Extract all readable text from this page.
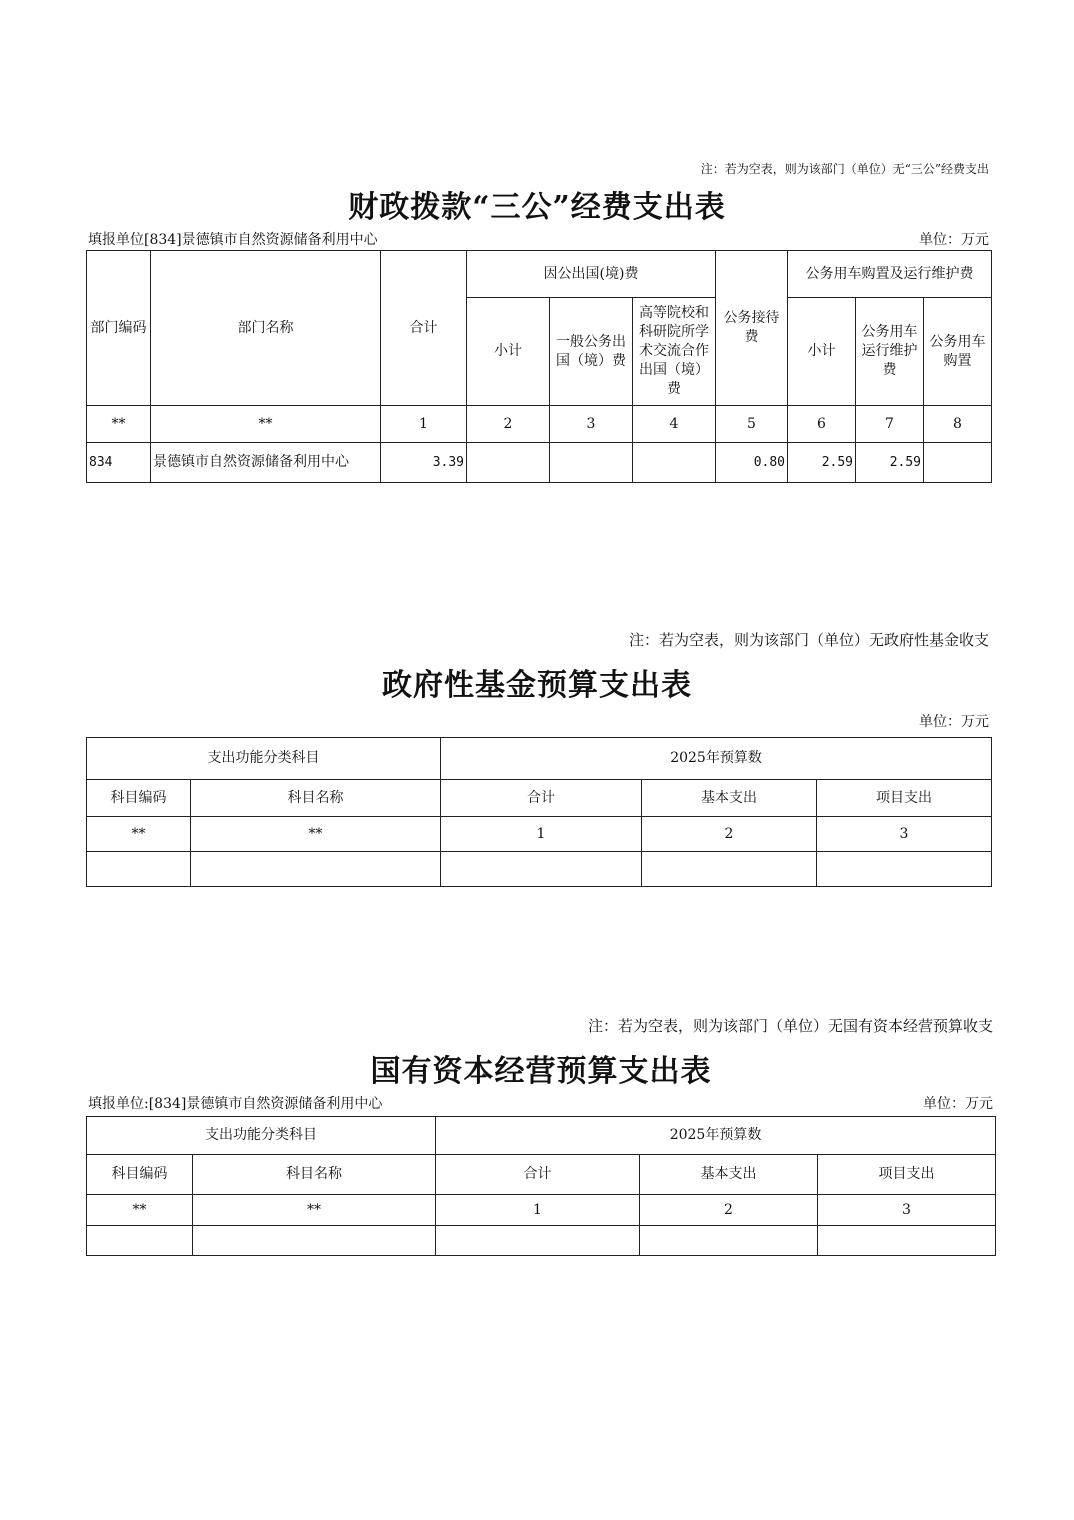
注：若为空表，则为该部门（单位）无“三公”经费支出
财政拨款“三公”经费支出表
填报单位[834]景德镇市自然资源储备利用中心	单位：万元
部门编码	部门名称	合计	因公出国(境)费			公务接待费	公务用车购置及运行维护费		
			小计	一般公务出国（境）费	高等院校和科研院所学术交流合作出国（境）费		小计	公务用车运行维护费	公务用车购置
**	**	1	2	3	4	5	6	7	8
834	景德镇市自然资源储备利用中心	3.39				0.80	2.59	2.59	
注：若为空表，则为该部门（单位）无政府性基金收支
政府性基金预算支出表
单位：万元
支出功能分类科目		2025年预算数		
科目编码	科目名称	合计	基本支出	项目支出
**	**	1	2	3

注：若为空表，则为该部门（单位）无国有资本经营预算收支
国有资本经营预算支出表
填报单位:[834]景德镇市自然资源储备利用中心	单位：万元
支出功能分类科目		2025年预算数		
科目编码	科目名称	合计	基本支出	项目支出
**	**	1	2	3
